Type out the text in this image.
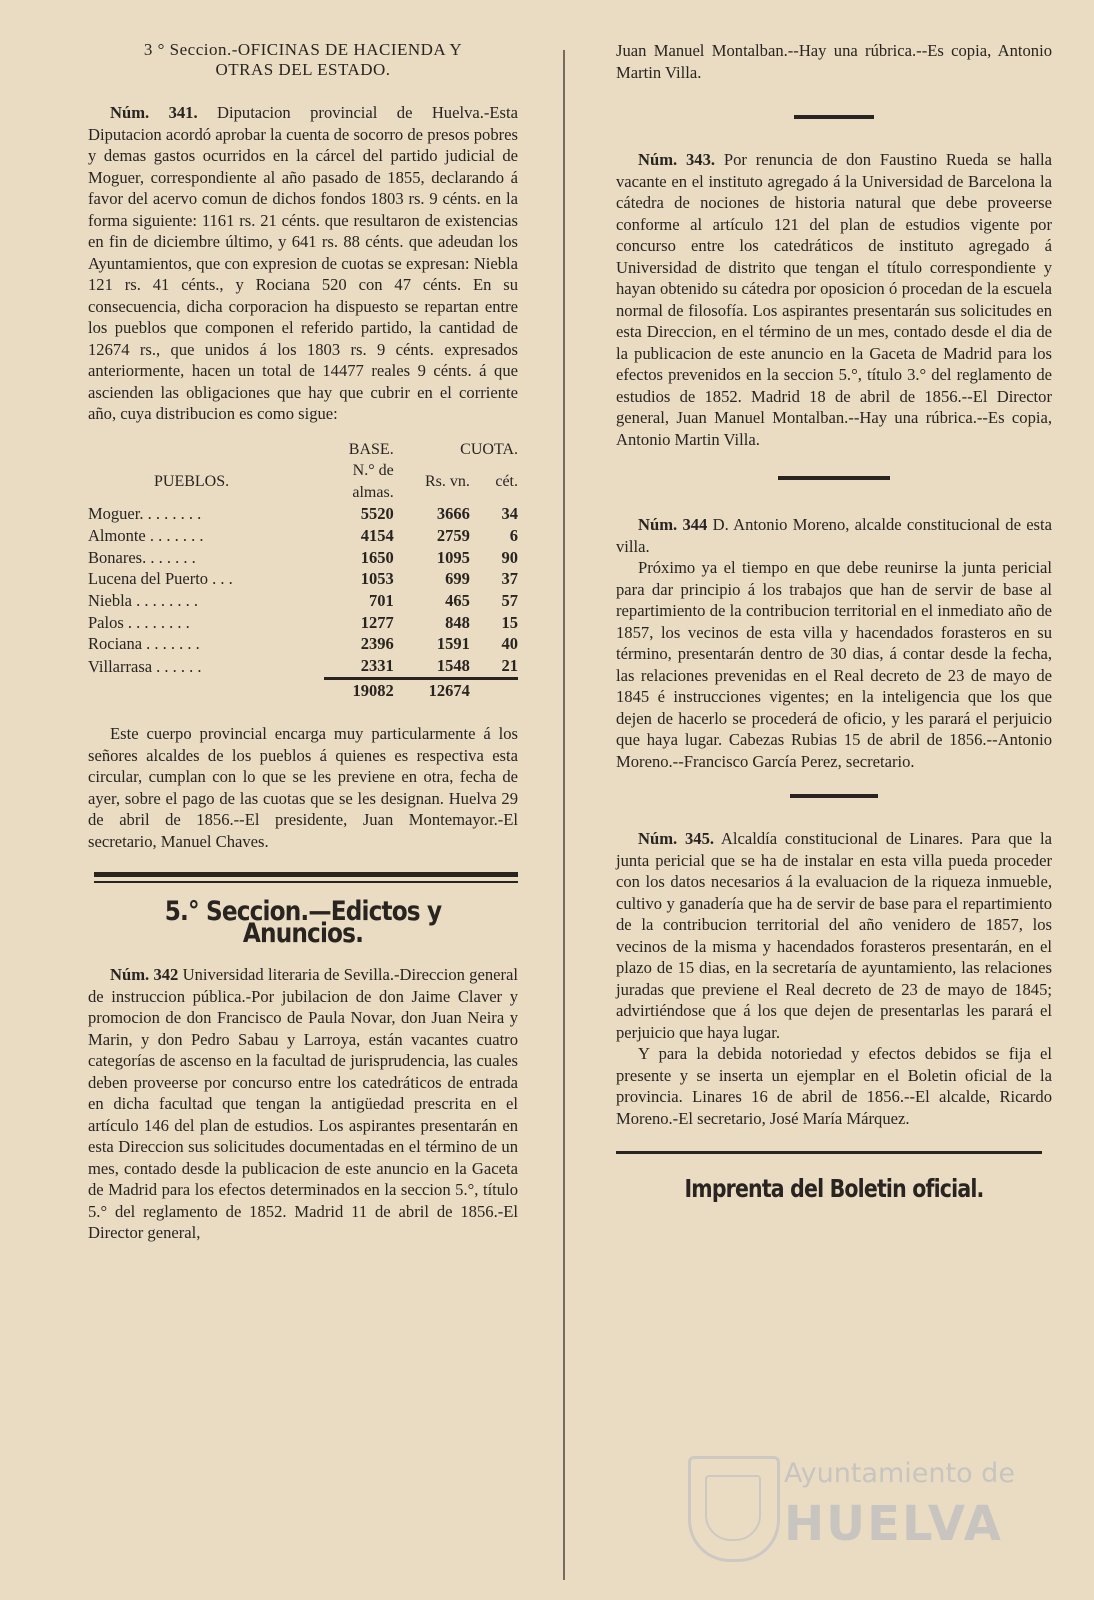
3 ° Seccion.-OFICINAS DE HACIENDA Y
OTRAS DEL ESTADO.

Núm. 341. Diputacion provincial de Huelva.-Esta Diputacion acordó aprobar la cuenta de socorro de presos pobres y demas gastos ocurridos en la cárcel del partido judicial de Moguer, correspondiente al año pasado de 1855, declarando á favor del acervo comun de dichos fondos 1803 rs. 9 cénts. en la forma siguiente: 1161 rs. 21 cénts. que resultaron de existencias en fin de diciembre último, y 641 rs. 88 cénts. que adeudan los Ayuntamientos, que con expresion de cuotas se expresan: Niebla 121 rs. 41 cénts., y Rociana 520 con 47 cénts. En su consecuencia, dicha corporacion ha dispuesto se repartan entre los pueblos que componen el referido partido, la cantidad de 12674 rs., que unidos á los 1803 rs. 9 cénts. expresados anteriormente, hacen un total de 14477 reales 9 cénts. á que ascienden las obligaciones que hay que cubrir en el corriente año, cuya distribucion es como sigue:

	BASE.	CUOTA.	
PUEBLOS.	N.° de almas.	Rs. vn.	cét.
Moguer. . . . . . . .	5520	3666	34
Almonte . . . . . . .	4154	2759	6
Bonares. . . . . . .	1650	1095	90
Lucena del Puerto . . .	1053	699	37
Niebla . . . . . . . .	701	465	57
Palos . . . . . . . .	1277	848	15
Rociana . . . . . . .	2396	1591	40
Villarrasa . . . . . .	2331	1548	21
	19082	12674	

Este cuerpo provincial encarga muy particularmente á los señores alcaldes de los pueblos á quienes es respectiva esta circular, cumplan con lo que se les previene en otra, fecha de ayer, sobre el pago de las cuotas que se les designan. Huelva 29 de abril de 1856.--El presidente, Juan Montemayor.-El secretario, Manuel Chaves.

5.° Seccion.—Edictos y Anuncios.

Núm. 342 Universidad literaria de Sevilla.-Direccion general de instruccion pública.-Por jubilacion de don Jaime Claver y promocion de don Francisco de Paula Novar, don Juan Neira y Marin, y don Pedro Sabau y Larroya, están vacantes cuatro categorías de ascenso en la facultad de jurisprudencia, las cuales deben proveerse por concurso entre los catedráticos de entrada en dicha facultad que tengan la antigüedad prescrita en el artículo 146 del plan de estudios. Los aspirantes presentarán en esta Direccion sus solicitudes documentadas en el término de un mes, contado desde la publicacion de este anuncio en la Gaceta de Madrid para los efectos determinados en la seccion 5.°, título 5.° del reglamento de 1852. Madrid 11 de abril de 1856.-El Director general,

Juan Manuel Montalban.--Hay una rúbrica.--Es copia, Antonio Martin Villa.

Núm. 343. Por renuncia de don Faustino Rueda se halla vacante en el instituto agregado á la Universidad de Barcelona la cátedra de nociones de historia natural que debe proveerse conforme al artículo 121 del plan de estudios vigente por concurso entre los catedráticos de instituto agregado á Universidad de distrito que tengan el título correspondiente y hayan obtenido su cátedra por oposicion ó procedan de la escuela normal de filosofía. Los aspirantes presentarán sus solicitudes en esta Direccion, en el término de un mes, contado desde el dia de la publicacion de este anuncio en la Gaceta de Madrid para los efectos prevenidos en la seccion 5.°, título 3.° del reglamento de estudios de 1852. Madrid 18 de abril de 1856.--El Director general, Juan Manuel Montalban.--Hay una rúbrica.--Es copia, Antonio Martin Villa.

Núm. 344 D. Antonio Moreno, alcalde constitucional de esta villa.

Próximo ya el tiempo en que debe reunirse la junta pericial para dar principio á los trabajos que han de servir de base al repartimiento de la contribucion territorial en el inmediato año de 1857, los vecinos de esta villa y hacendados forasteros en su término, presentarán dentro de 30 dias, á contar desde la fecha, las relaciones prevenidas en el Real decreto de 23 de mayo de 1845 é instrucciones vigentes; en la inteligencia que los que dejen de hacerlo se procederá de oficio, y les parará el perjuicio que haya lugar. Cabezas Rubias 15 de abril de 1856.--Antonio Moreno.--Francisco García Perez, secretario.

Núm. 345. Alcaldía constitucional de Linares. Para que la junta pericial que se ha de instalar en esta villa pueda proceder con los datos necesarios á la evaluacion de la riqueza inmueble, cultivo y ganadería que ha de servir de base para el repartimiento de la contribucion territorial del año venidero de 1857, los vecinos de la misma y hacendados forasteros presentarán, en el plazo de 15 dias, en la secretaría de ayuntamiento, las relaciones juradas que previene el Real decreto de 23 de mayo de 1845; advirtiéndose que á los que dejen de presentarlas les parará el perjuicio que haya lugar.

Y para la debida notoriedad y efectos debidos se fija el presente y se inserta un ejemplar en el Boletin oficial de la provincia. Linares 16 de abril de 1856.--El alcalde, Ricardo Moreno.-El secretario, José María Márquez.

Imprenta del Boletin oficial.
Ayuntamiento de
HUELVA
